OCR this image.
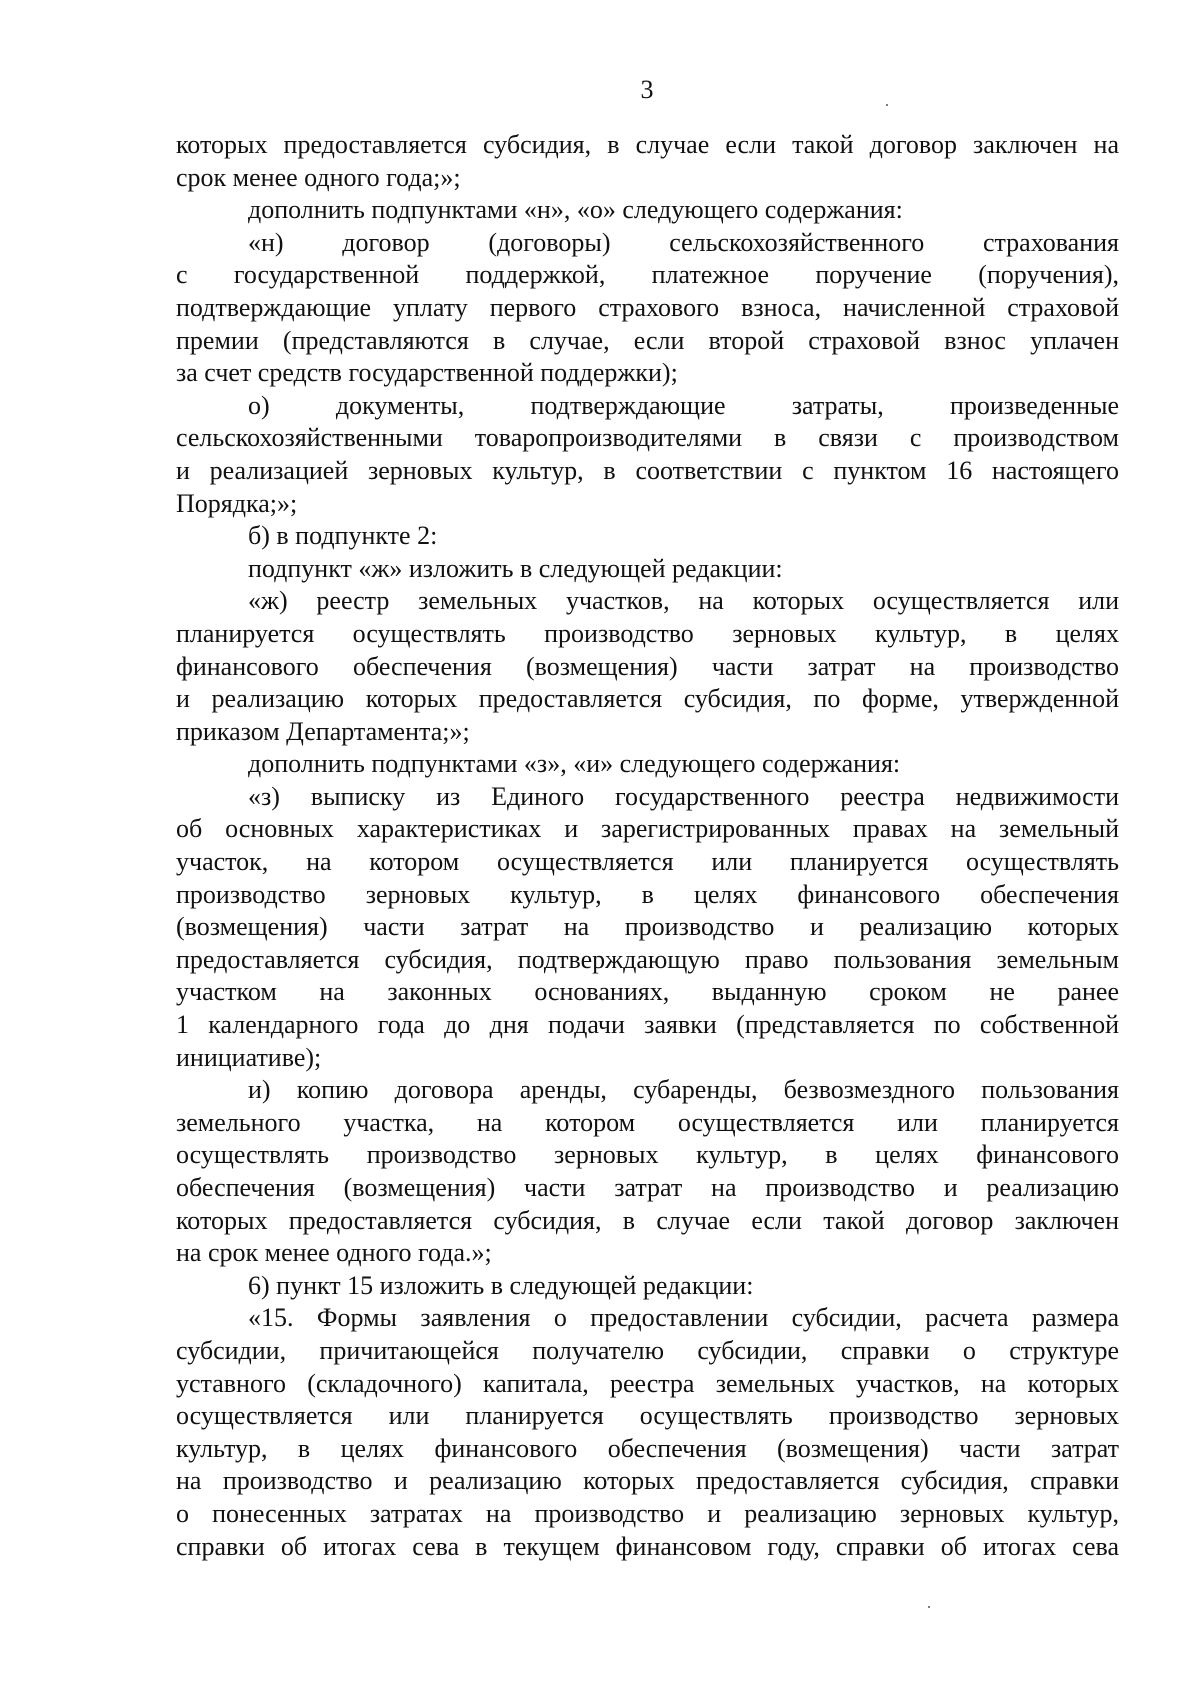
3
которых предоставляется субсидия, в случае если такой договор заключен на
срок менее одного года;»;
дополнить подпунктами «н», «о» следующего содержания:
«н) договор (договоры) сельскохозяйственного страхования
с государственной поддержкой, платежное поручение (поручения),
подтверждающие уплату первого страхового взноса, начисленной страховой
премии (представляются в случае, если второй страховой взнос уплачен
за счет средств государственной поддержки);
о) документы, подтверждающие затраты, произведенные
сельскохозяйственными товаропроизводителями в связи с производством
и реализацией зерновых культур, в соответствии с пунктом 16 настоящего
Порядка;»;
б) в подпункте 2:
подпункт «ж» изложить в следующей редакции:
«ж) реестр земельных участков, на которых осуществляется или
планируется осуществлять производство зерновых культур, в целях
финансового обеспечения (возмещения) части затрат на производство
и реализацию которых предоставляется субсидия, по форме, утвержденной
приказом Департамента;»;
дополнить подпунктами «з», «и» следующего содержания:
«з) выписку из Единого государственного реестра недвижимости
об основных характеристиках и зарегистрированных правах на земельный
участок, на котором осуществляется или планируется осуществлять
производство зерновых культур, в целях финансового обеспечения
(возмещения) части затрат на производство и реализацию которых
предоставляется субсидия, подтверждающую право пользования земельным
участком на законных основаниях, выданную сроком не ранее
1 календарного года до дня подачи заявки (представляется по собственной
инициативе);
и) копию договора аренды, субаренды, безвозмездного пользования
земельного участка, на котором осуществляется или планируется
осуществлять производство зерновых культур, в целях финансового
обеспечения (возмещения) части затрат на производство и реализацию
которых предоставляется субсидия, в случае если такой договор заключен
на срок менее одного года.»;
6) пункт 15 изложить в следующей редакции:
«15. Формы заявления о предоставлении субсидии, расчета размера
субсидии, причитающейся получателю субсидии, справки о структуре
уставного (складочного) капитала, реестра земельных участков, на которых
осуществляется или планируется осуществлять производство зерновых
культур, в целях финансового обеспечения (возмещения) части затрат
на производство и реализацию которых предоставляется субсидия, справки
о понесенных затратах на производство и реализацию зерновых культур,
справки об итогах сева в текущем финансовом году, справки об итогах сева
